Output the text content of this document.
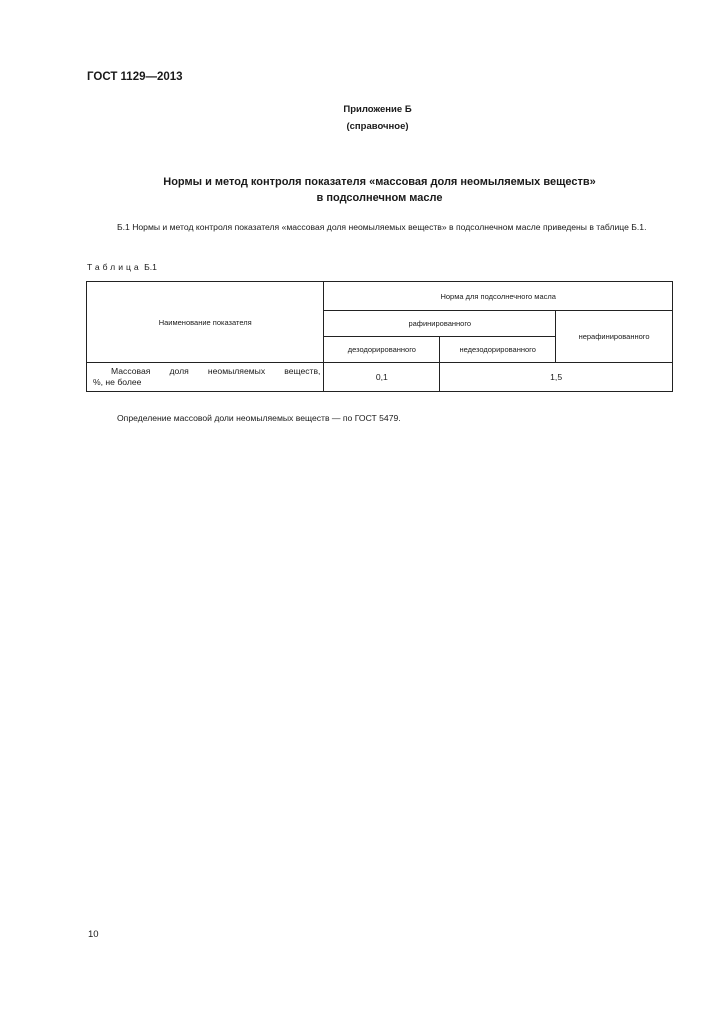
ГОСТ 1129—2013
Приложение Б
(справочное)
Нормы и метод контроля показателя «массовая доля неомыляемых веществ»
в подсолнечном масле

Б.1 Нормы и метод контроля показателя «массовая доля неомыляемых веществ» в подсолнечном масле приведены в таблице Б.1.

Таблица Б.1
Наименование показателя	Норма для подсолнечного масла		
	рафинированного		нерафинированного
	дезодорированного	недезодорированного	

Массовая доля неомыляемых веществ,
%, не более	0,1	1,5	
Определение массовой доли неомыляемых веществ — по ГОСТ 5479.
10
